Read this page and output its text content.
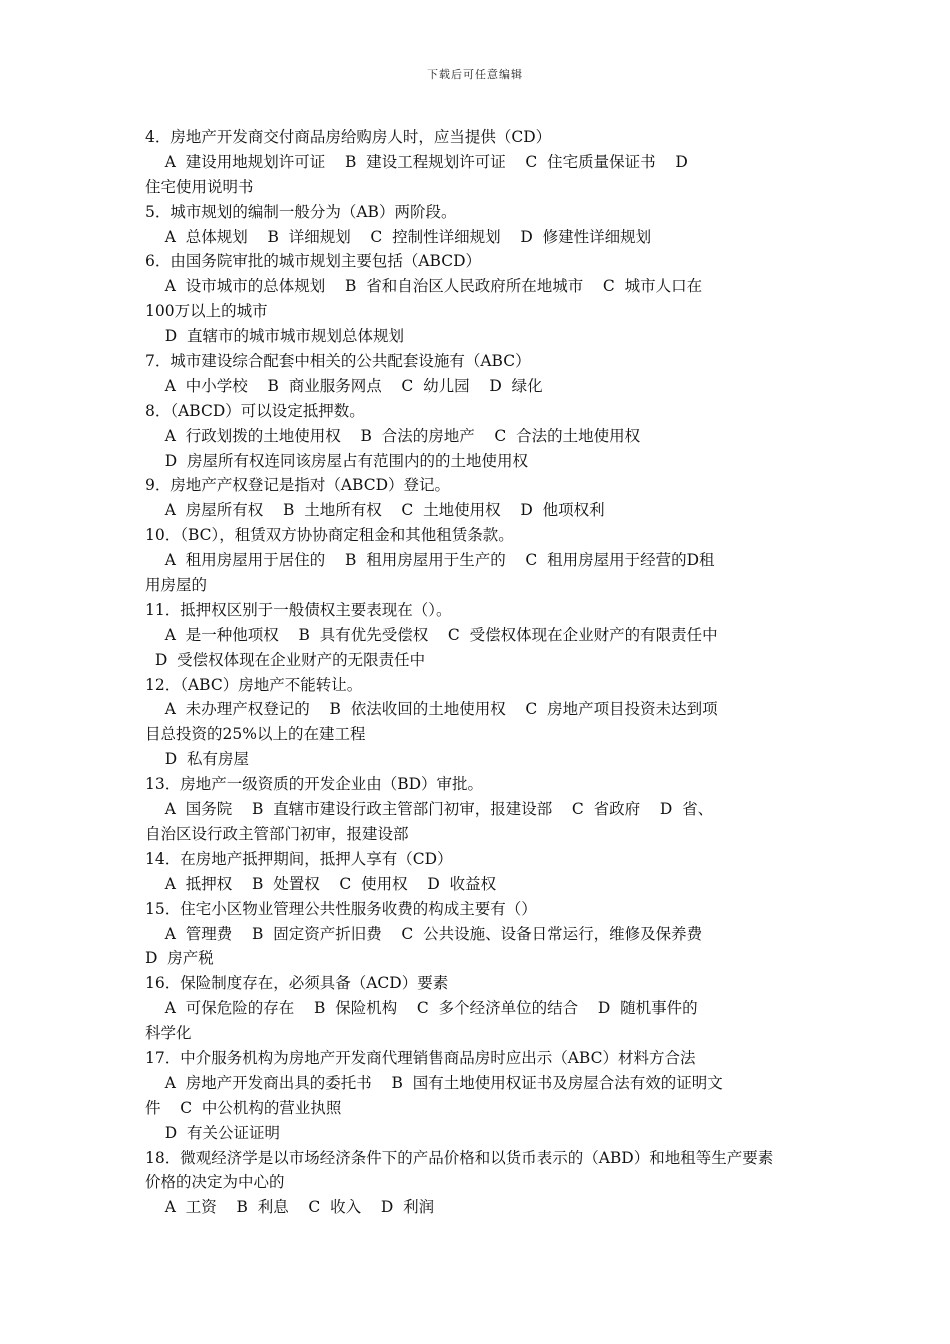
下载后可任意编辑
4．房地产开发商交付商品房给购房人时，应当提供（CD）
A  建设用地规划许可证    B  建设工程规划许可证    C  住宅质量保证书    D
住宅使用说明书
5．城市规划的编制一般分为（AB）两阶段。
A  总体规划    B  详细规划    C  控制性详细规划    D  修建性详细规划
6．由国务院审批的城市规划主要包括（ABCD）
A  设市城市的总体规划    B  省和自治区人民政府所在地城市    C  城市人口在
100万以上的城市
D  直辖市的城市城市规划总体规划
7．城市建设综合配套中相关的公共配套设施有（ABC）
A  中小学校    B  商业服务网点    C  幼儿园    D  绿化
8．（ABCD）可以设定抵押数。
A  行政划拨的土地使用权    B  合法的房地产    C  合法的土地使用权
D  房屋所有权连同该房屋占有范围内的的土地使用权
9．房地产产权登记是指对（ABCD）登记。
A  房屋所有权    B  土地所有权    C  土地使用权    D  他项权利
10．（BC），租赁双方协协商定租金和其他租赁条款。
A  租用房屋用于居住的    B  租用房屋用于生产的    C  租用房屋用于经营的D租
用房屋的
11．抵押权区别于一般债权主要表现在（）。
A  是一种他项权    B  具有优先受偿权    C  受偿权体现在企业财产的有限责任中
D  受偿权体现在企业财产的无限责任中
12．（ABC）房地产不能转让。
A  未办理产权登记的    B  依法收回的土地使用权    C  房地产项目投资未达到项
目总投资的25%以上的在建工程
D  私有房屋
13．房地产一级资质的开发企业由（BD）审批。
A  国务院    B  直辖市建设行政主管部门初审，报建设部    C  省政府    D  省、
自治区设行政主管部门初审，报建设部
14．在房地产抵押期间，抵押人享有（CD）
A  抵押权    B  处置权    C  使用权    D  收益权
15．住宅小区物业管理公共性服务收费的构成主要有（）
A  管理费    B  固定资产折旧费    C  公共设施、设备日常运行，维修及保养费
D  房产税
16．保险制度存在，必须具备（ACD）要素
A  可保危险的存在    B  保险机构    C  多个经济单位的结合    D  随机事件的
科学化
17．中介服务机构为房地产开发商代理销售商品房时应出示（ABC）材料方合法
A  房地产开发商出具的委托书    B  国有土地使用权证书及房屋合法有效的证明文
件    C  中公机构的营业执照
D  有关公证证明
18．微观经济学是以市场经济条件下的产品价格和以货币表示的（ABD）和地租等生产要素
价格的决定为中心的
A  工资    B  利息    C  收入    D  利润
